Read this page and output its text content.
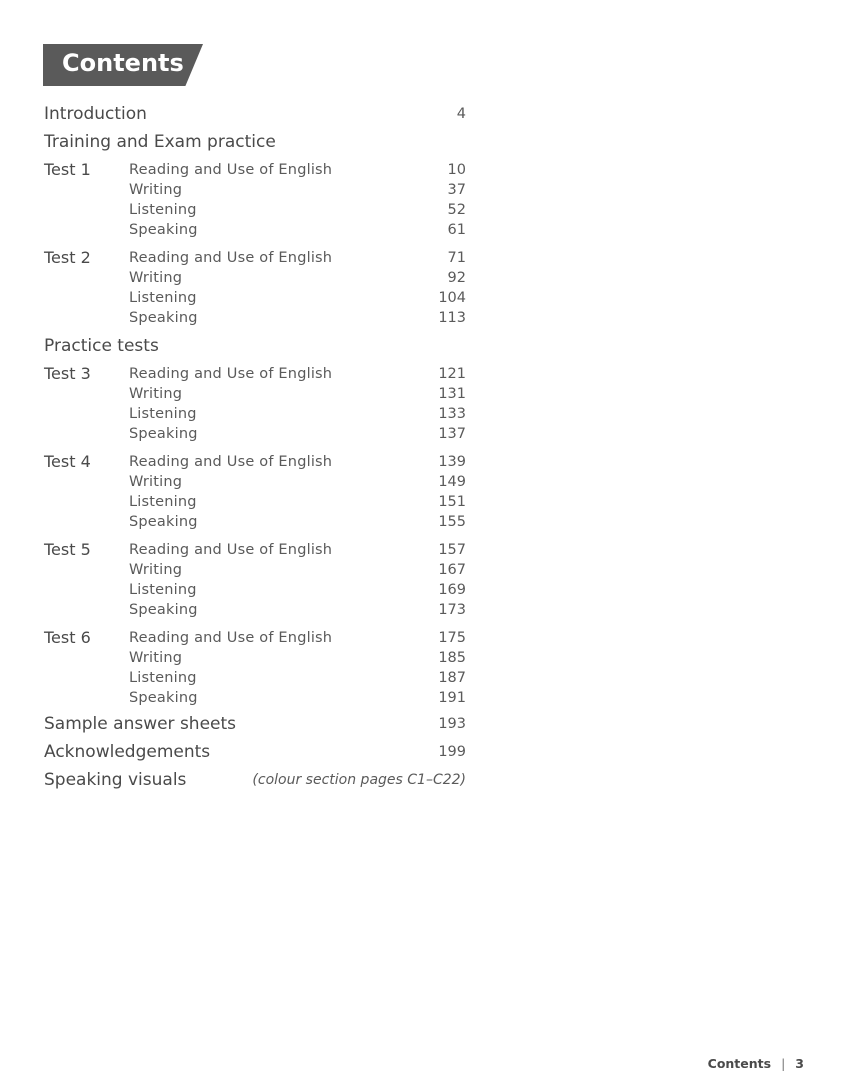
Contents
Introduction	4
Training and Exam practice
Test 1	Reading and Use of English	10
Writing	37
Listening	52
Speaking	61
Test 2	Reading and Use of English	71
Writing	92
Listening	104
Speaking	113
Practice tests
Test 3	Reading and Use of English	121
Writing	131
Listening	133
Speaking	137
Test 4	Reading and Use of English	139
Writing	149
Listening	151
Speaking	155
Test 5	Reading and Use of English	157
Writing	167
Listening	169
Speaking	173
Test 6	Reading and Use of English	175
Writing	185
Listening	187
Speaking	191
Sample answer sheets	193
Acknowledgements	199
Speaking visuals	(colour section pages C1–C22)
Contents | 3
